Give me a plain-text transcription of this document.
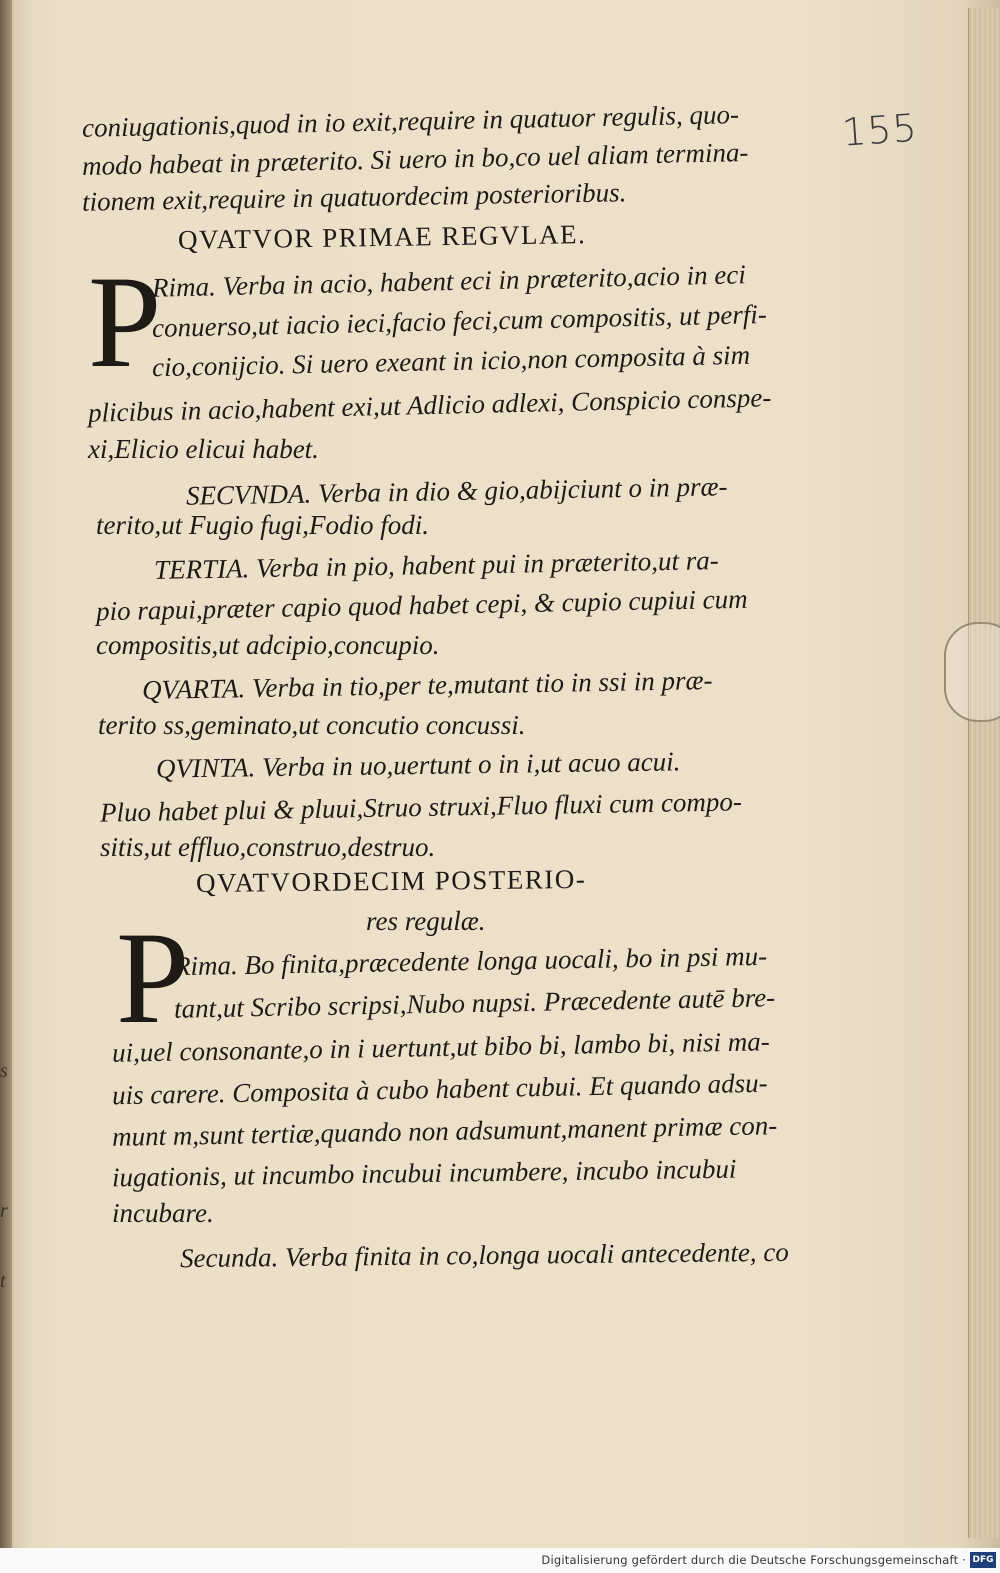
s
r
t
155
coniugationis,quod in io exit,require in quatuor regulis, quo-
modo habeat in præterito. Si uero in bo,co uel aliam termina-
tionem exit,require in quatuordecim posterioribus.
QVATVOR PRIMAE REGVLAE.
P
Rima. Verba in acio, habent eci in præterito,acio in eci
conuerso,ut iacio ieci,facio feci,cum compositis, ut perfi-
cio,conijcio. Si uero exeant in icio,non composita à sim
plicibus in acio,habent exi,ut Adlicio adlexi, Conspicio conspe-
xi,Elicio elicui habet.
SECVNDA. Verba in dio & gio,abijciunt o in præ-
terito,ut Fugio fugi,Fodio fodi.
TERTIA. Verba in pio, habent pui in præterito,ut ra-
pio rapui,præter capio quod habet cepi, & cupio cupiui cum
compositis,ut adcipio,concupio.
QVARTA. Verba in tio,per te,mutant tio in ssi in præ-
terito ss,geminato,ut concutio concussi.
QVINTA. Verba in uo,uertunt o in i,ut acuo acui.
Pluo habet plui & pluui,Struo struxi,Fluo fluxi cum compo-
sitis,ut effluo,construo,destruo.
QVATVORDECIM POSTERIO-
res regulæ.
P
Rima. Bo finita,præcedente longa uocali, bo in psi mu-
tant,ut Scribo scripsi,Nubo nupsi. Præcedente autē bre-
ui,uel consonante,o in i uertunt,ut bibo bi, lambo bi, nisi ma-
uis carere. Composita à cubo habent cubui. Et quando adsu-
munt m,sunt tertiæ,quando non adsumunt,manent primæ con-
iugationis, ut incumbo incubui incumbere, incubo incubui
incubare.
Secunda. Verba finita in co,longa uocali antecedente, co
Digitalisierung gefördert durch die Deutsche Forschungsgemeinschaft · DFG
